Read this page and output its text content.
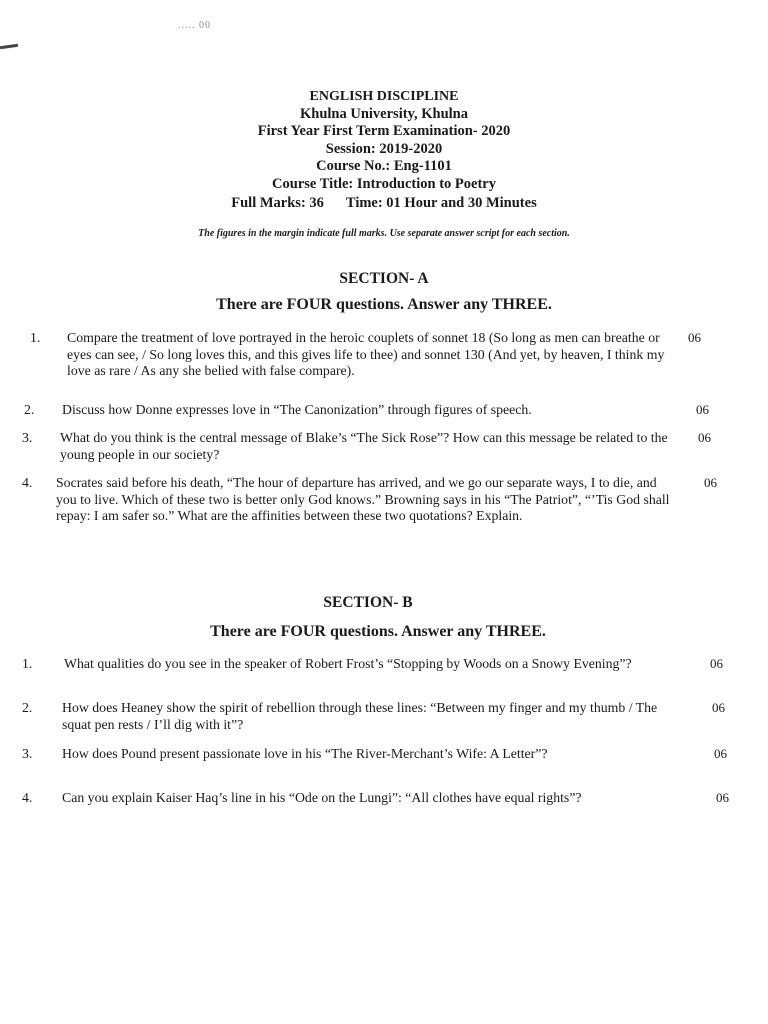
..... 00
ENGLISH DISCIPLINE
Khulna University, Khulna
First Year First Term Examination- 2020
Session: 2019-2020
Course No.: Eng-1101
Course Title: Introduction to Poetry
Full Marks: 36 Time: 01 Hour and 30 Minutes
The figures in the margin indicate full marks. Use separate answer script for each section.
SECTION- A
There are FOUR questions. Answer any THREE.
1. Compare the treatment of love portrayed in the heroic couplets of sonnet 18 (So long as men can breathe or eyes can see, / So long loves this, and this gives life to thee) and sonnet 130 (And yet, by heaven, I think my love as rare / As any she belied with false compare).
06
2. Discuss how Donne expresses love in “The Canonization” through figures of speech.	06
3. What do you think is the central message of Blake’s “The Sick Rose”? How can this message be related to the young people in our society?
06
4. Socrates said before his death, “The hour of departure has arrived, and we go our separate ways, I to die, and you to live. Which of these two is better only God knows.” Browning says in his “The Patriot”, “’Tis God shall repay: I am safer so.” What are the affinities between these two quotations? Explain.
06
SECTION- B
There are FOUR questions. Answer any THREE.
1. What qualities do you see in the speaker of Robert Frost’s “Stopping by Woods on a Snowy Evening”?	06
2. How does Heaney show the spirit of rebellion through these lines: “Between my finger and my thumb / The squat pen rests / I’ll dig with it”?
06
3. How does Pound present passionate love in his “The River-Merchant’s Wife: A Letter”?	06
4. Can you explain Kaiser Haq’s line in his “Ode on the Lungi”: “All clothes have equal rights”?	06
